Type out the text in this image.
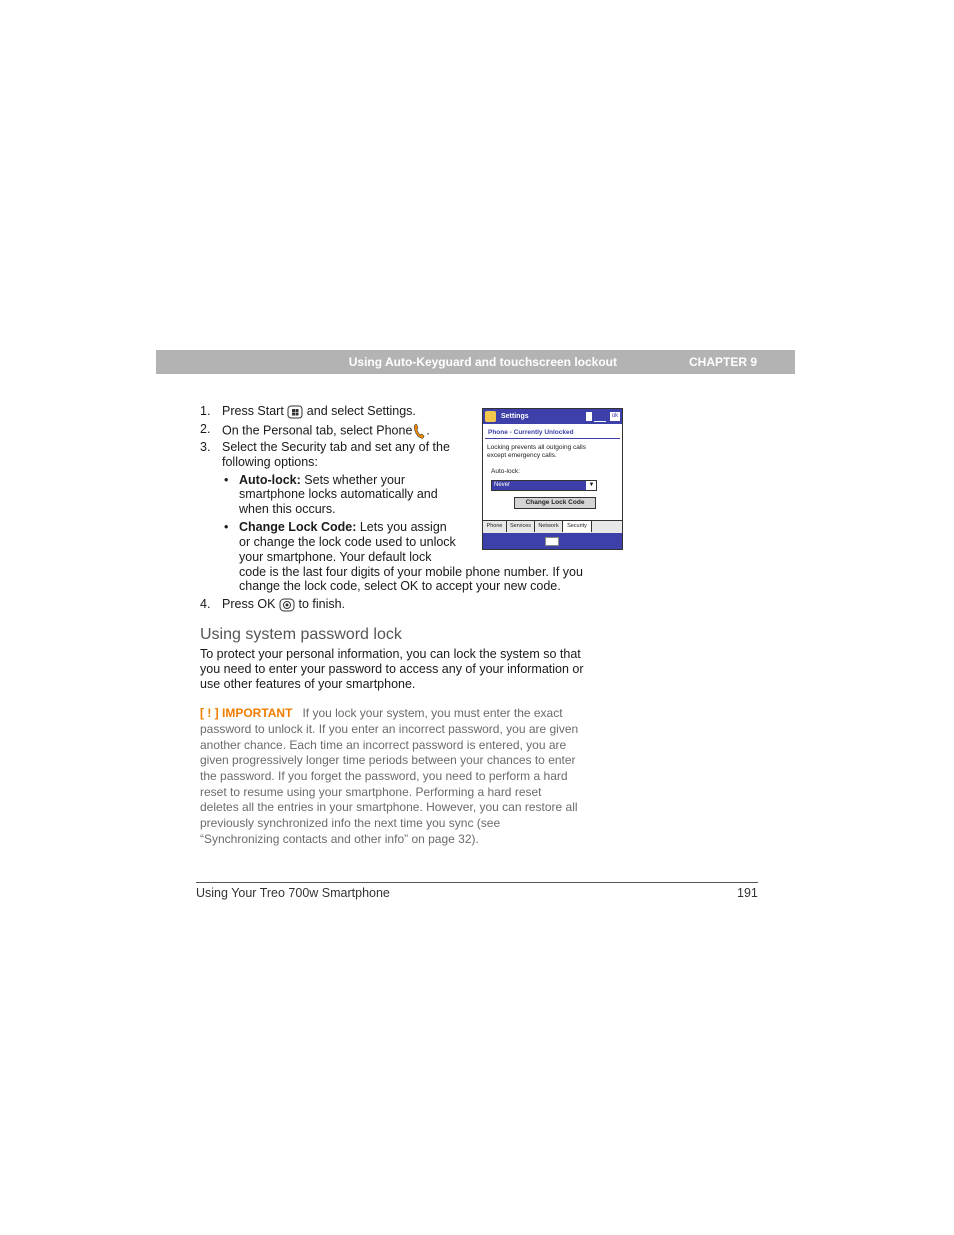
Using Auto-Keyguard and touchscreen lockout	CHAPTER 9
1. Press Start and select Settings.
2. On the Personal tab, select Phone .
3. Select the Security tab and set any of the
following options:
• Auto-lock: Sets whether your
smartphone locks automatically and
when this occurs.
• Change Lock Code: Lets you assign
or change the lock code used to unlock
your smartphone. Your default lock
code is the last four digits of your mobile phone number. If you
change the lock code, select OK to accept your new code.
4. Press OK to finish.
Settings	ok
Phone - Currently Unlocked
Locking prevents all outgoing calls
except emergency calls.
Auto-lock:
Never	▼
Change Lock Code
Phone	Services	Network	Security
Using system password lock
To protect your personal information, you can lock the system so that
you need to enter your password to access any of your information or
use other features of your smartphone.
[ ! ] IMPORTANT If you lock your system, you must enter the exact
password to unlock it. If you enter an incorrect password, you are given
another chance. Each time an incorrect password is entered, you are
given progressively longer time periods between your chances to enter
the password. If you forget the password, you need to perform a hard
reset to resume using your smartphone. Performing a hard reset
deletes all the entries in your smartphone. However, you can restore all
previously synchronized info the next time you sync (see
“Synchronizing contacts and other info” on page 32).
Using Your Treo 700w Smartphone	191
